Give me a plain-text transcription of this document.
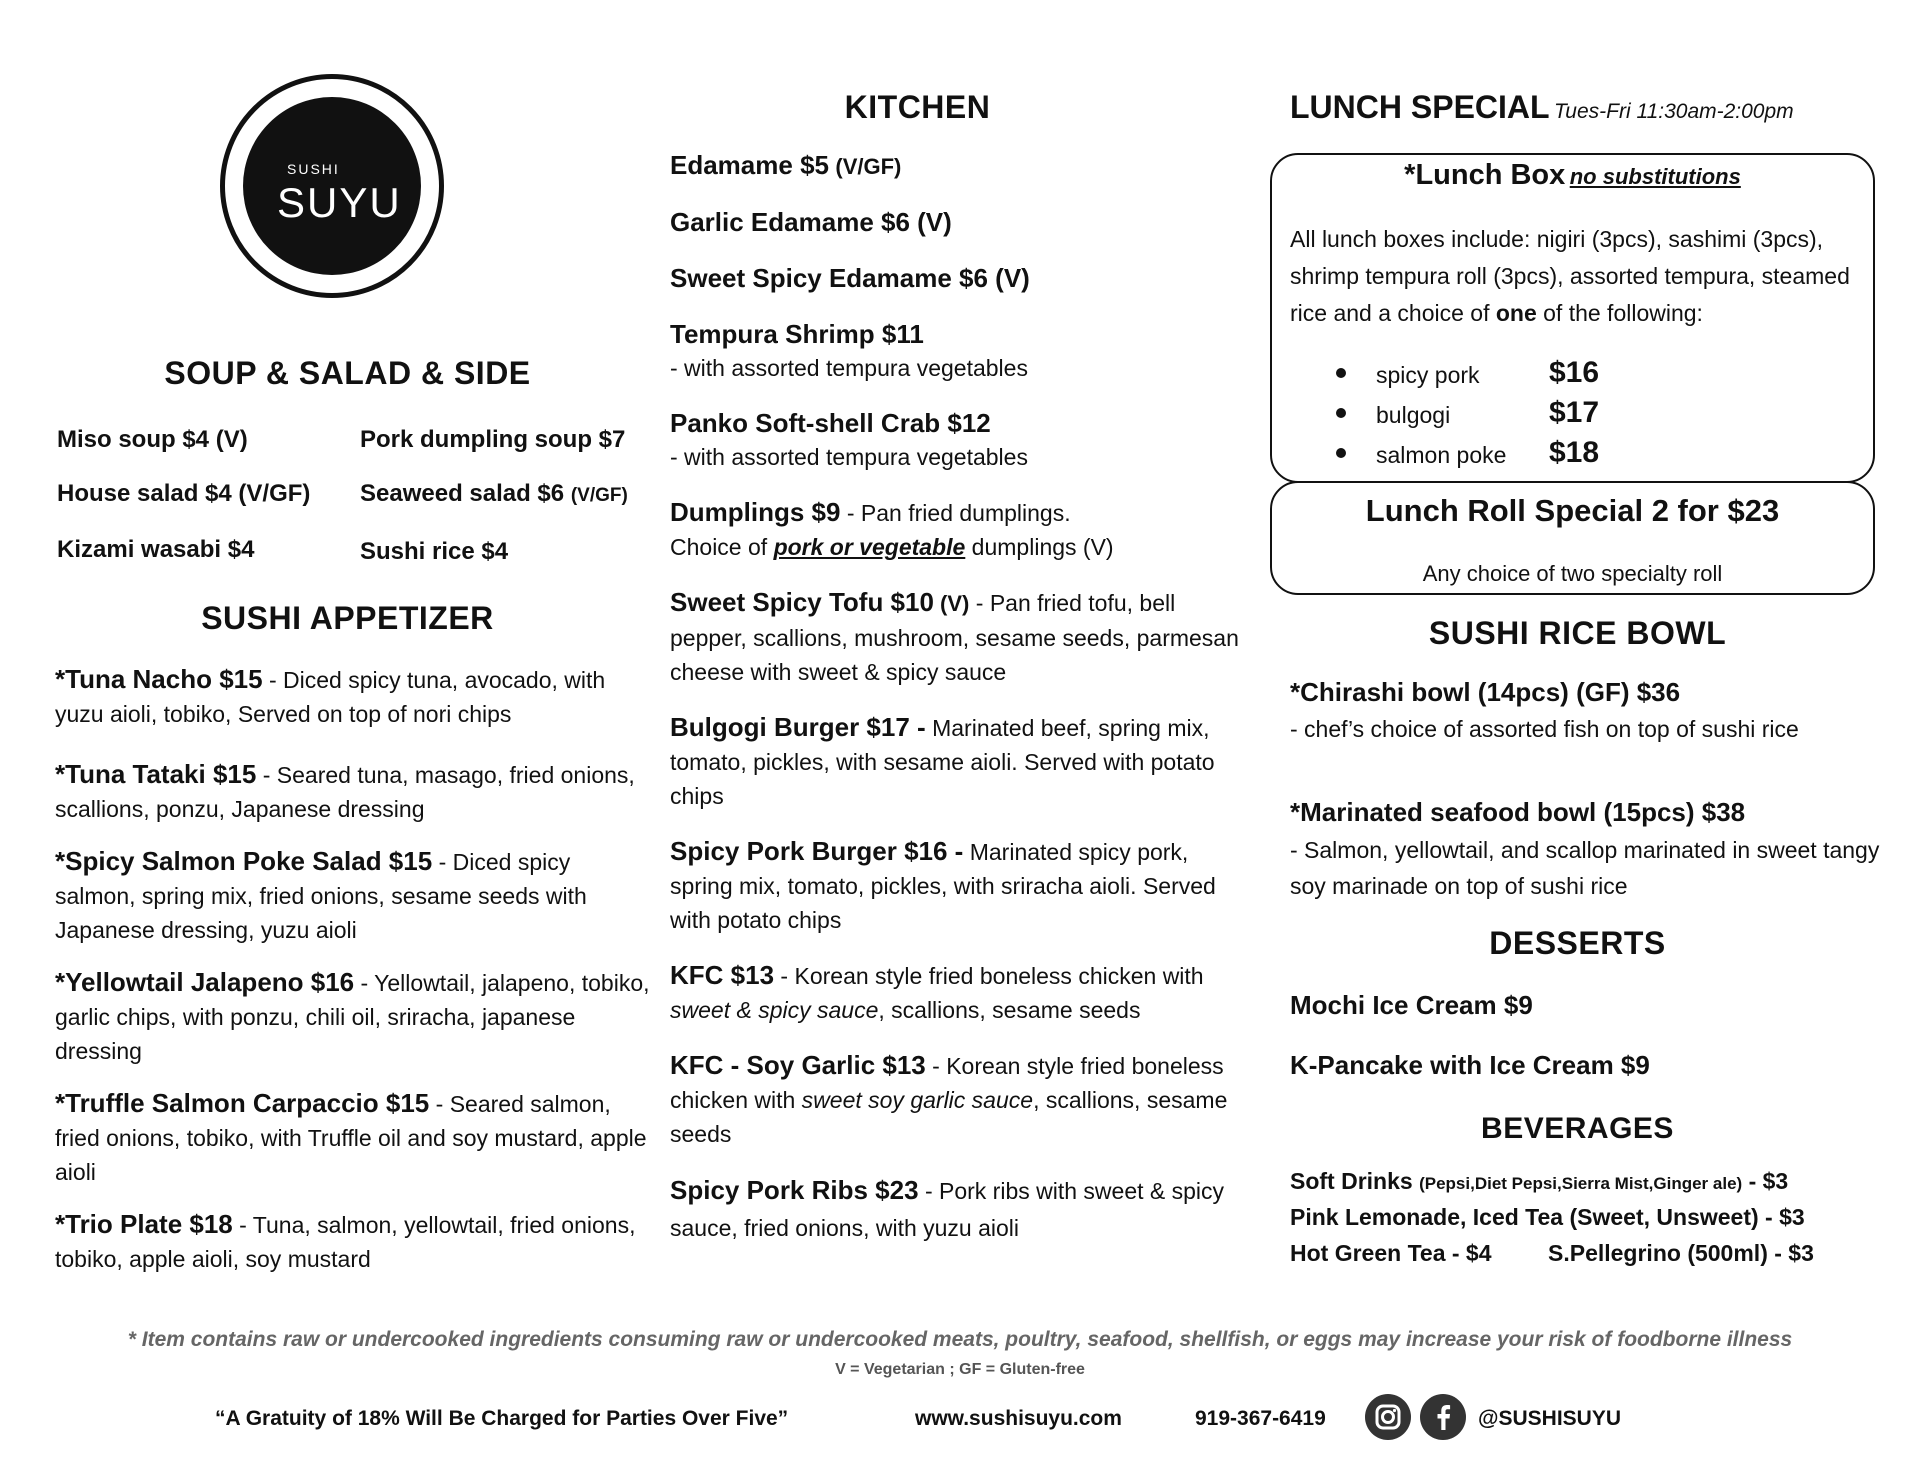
SUSHI
SUYU
SOUP & SALAD & SIDE
Miso soup $4 (V)	Pork dumpling soup $7
House salad $4 (V/GF) Seaweed salad $6 (V/GF)
Kizami wasabi $4	Sushi rice $4
SUSHI APPETIZER

*Tuna Nacho $15 - Diced spicy tuna, avocado, with yuzu aioli, tobiko, Served on top of nori chips

*Tuna Tataki $15 - Seared tuna, masago, fried onions, scallions, ponzu, Japanese dressing

*Spicy Salmon Poke Salad $15 - Diced spicy salmon, spring mix, fried onions, sesame seeds with Japanese dressing, yuzu aioli

*Yellowtail Jalapeno $16 - Yellowtail, jalapeno, tobiko, garlic chips, with ponzu, chili oil, sriracha, japanese dressing

*Truffle Salmon Carpaccio $15 - Seared salmon, fried onions, tobiko, with Truffle oil and soy mustard, apple aioli

*Trio Plate $18 - Tuna, salmon, yellowtail, fried onions, tobiko, apple aioli, soy mustard

KITCHEN

Edamame $5 (V/GF)

Garlic Edamame $6 (V)

Sweet Spicy Edamame $6 (V)

Tempura Shrimp $11
- with assorted tempura vegetables
Panko Soft-shell Crab $12
- with assorted tempura vegetables
Dumplings $9 - Pan fried dumplings.
Choice of pork or vegetable dumplings (V)

Sweet Spicy Tofu $10 (V) - Pan fried tofu, bell pepper, scallions, mushroom, sesame seeds, parmesan cheese with sweet & spicy sauce

Bulgogi Burger $17 - Marinated beef, spring mix, tomato, pickles, with sesame aioli. Served with potato chips

Spicy Pork Burger $16 - Marinated spicy pork, spring mix, tomato, pickles, with sriracha aioli. Served with potato chips

KFC $13 - Korean style fried boneless chicken with sweet & spicy sauce, scallions, sesame seeds

KFC - Soy Garlic $13 - Korean style fried boneless chicken with sweet soy garlic sauce, scallions, sesame seeds

Spicy Pork Ribs $23 - Pork ribs with sweet & spicy sauce, fried onions, with yuzu aioli

LUNCH SPECIAL Tues-Fri 11:30am-2:00pm
*Lunch Box no substitutions

All lunch boxes include: nigiri (3pcs), sashimi (3pcs), shrimp tempura roll (3pcs), assorted tempura, steamed rice and a choice of one of the following:

spicy pork $16
bulgogi	$17
salmon poke $18
Lunch Roll Special 2 for $23
Any choice of two specialty roll
SUSHI RICE BOWL
*Chirashi bowl (14pcs) (GF) $36
- chef’s choice of assorted fish on top of sushi rice
*Marinated seafood bowl (15pcs) $38
- Salmon, yellowtail, and scallop marinated in sweet tangy soy marinade on top of sushi rice
DESSERTS
Mochi Ice Cream $9
K-Pancake with Ice Cream $9
BEVERAGES
Soft Drinks (Pepsi,Diet Pepsi,Sierra Mist,Ginger ale) - $3
Pink Lemonade, Iced Tea (Sweet, Unsweet) - $3
Hot Green Tea - $4 S.Pellegrino (500ml) - $3
* Item contains raw or undercooked ingredients consuming raw or undercooked meats, poultry, seafood, shellfish, or eggs may increase your risk of foodborne illness
V = Vegetarian ; GF = Gluten-free
“A Gratuity of 18% Will Be Charged for Parties Over Five”	www.sushisuyu.com	919-367-6419	@SUSHISUYU
